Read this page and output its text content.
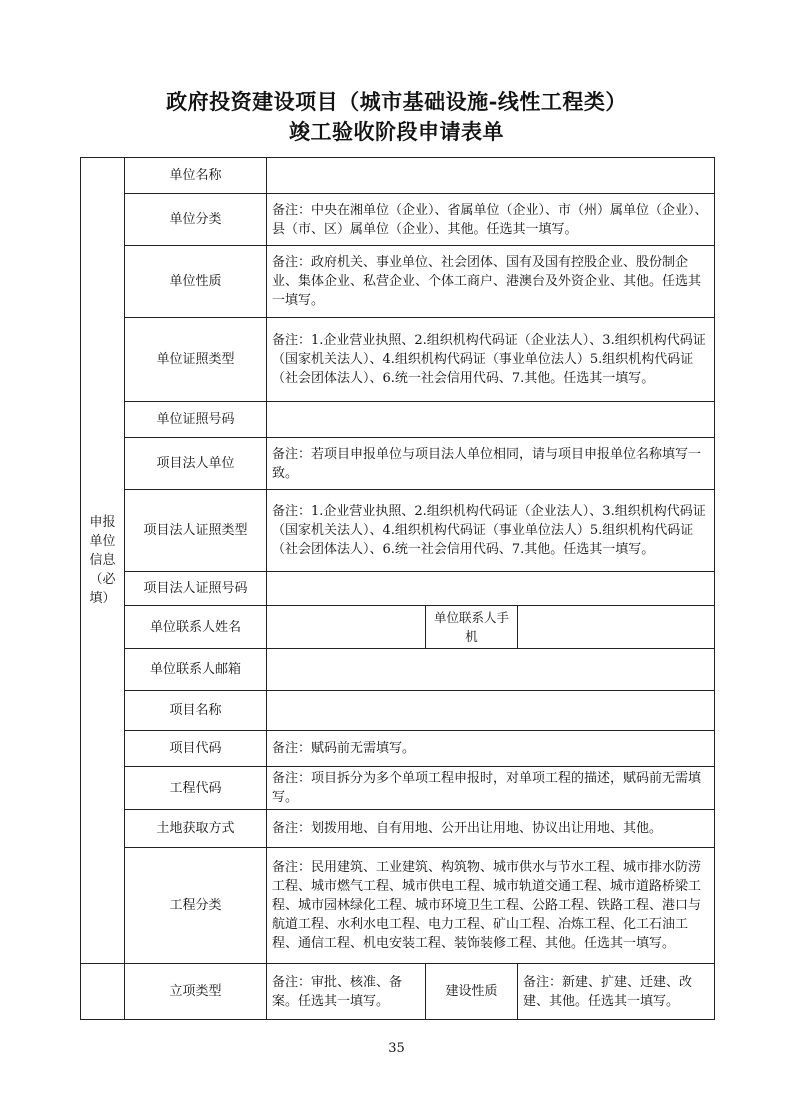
政府投资建设项目（城市基础设施-线性工程类）
竣工验收阶段申请表单
申报单位信息（必填）	单位名称			
	单位分类	备注：中央在湘单位（企业）、省属单位（企业）、市（州）属单位（企业）、县（市、区）属单位（企业）、其他。任选其一填写。		
	单位性质	备注：政府机关、事业单位、社会团体、国有及国有控股企业、股份制企业、集体企业、私营企业、个体工商户、港澳台及外资企业、其他。任选其一填写。		
	单位证照类型	备注：1.企业营业执照、2.组织机构代码证（企业法人）、3.组织机构代码证（国家机关法人）、4.组织机构代码证（事业单位法人）5.组织机构代码证（社会团体法人）、6.统一社会信用代码、7.其他。任选其一填写。		
	单位证照号码			
	项目法人单位	备注：若项目申报单位与项目法人单位相同，请与项目申报单位名称填写一致。		
	项目法人证照类型	备注：1.企业营业执照、2.组织机构代码证（企业法人）、3.组织机构代码证（国家机关法人）、4.组织机构代码证（事业单位法人）5.组织机构代码证（社会团体法人）、6.统一社会信用代码、7.其他。任选其一填写。		
	项目法人证照号码			
	单位联系人姓名		单位联系人手机	
	单位联系人邮箱			
	项目名称			
	项目代码	备注：赋码前无需填写。		
	工程代码	备注：项目拆分为多个单项工程申报时，对单项工程的描述，赋码前无需填写。		
	土地获取方式	备注：划拨用地、自有用地、公开出让用地、协议出让用地、其他。		
	工程分类	备注：民用建筑、工业建筑、构筑物、城市供水与节水工程、城市排水防涝工程、城市燃气工程、城市供电工程、城市轨道交通工程、城市道路桥梁工程、城市园林绿化工程、城市环境卫生工程、公路工程、铁路工程、港口与航道工程、水利水电工程、电力工程、矿山工程、冶炼工程、化工石油工程、通信工程、机电安装工程、装饰装修工程、其他。任选其一填写。		
	立项类型	备注：审批、核准、备案。任选其一填写。	建设性质	备注：新建、扩建、迁建、改建、其他。任选其一填写。
35
